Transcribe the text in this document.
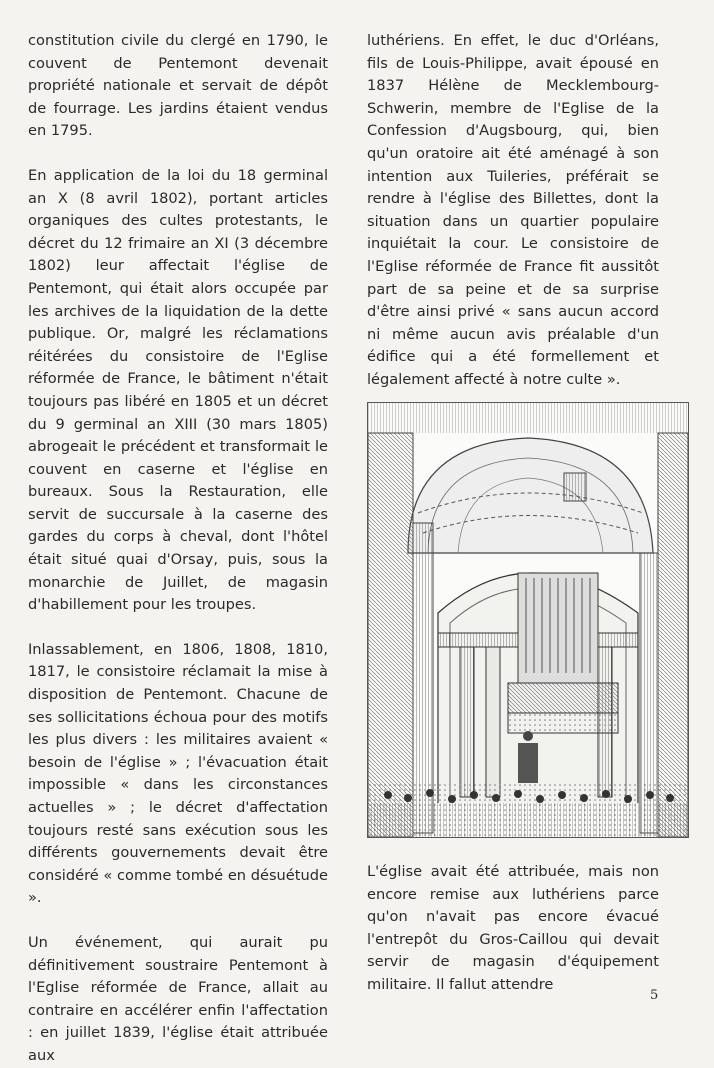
constitution civile du clergé en 1790, le couvent de Pentemont devenait propriété nationale et servait de dépôt de fourrage. Les jardins étaient vendus en 1795.

En application de la loi du 18 germinal an X (8 avril 1802), portant articles organiques des cultes protestants, le décret du 12 frimaire an XI (3 décembre 1802) leur affectait l'église de Pentemont, qui était alors occupée par les archives de la liquidation de la dette publique. Or, malgré les réclamations réitérées du consistoire de l'Eglise réformée de France, le bâtiment n'était toujours pas libéré en 1805 et un décret du 9 germinal an XIII (30 mars 1805) abrogeait le précédent et transformait le couvent en caserne et l'église en bureaux. Sous la Restauration, elle servit de succursale à la caserne des gardes du corps à cheval, dont l'hôtel était situé quai d'Orsay, puis, sous la monarchie de Juillet, de magasin d'habillement pour les troupes.

Inlassablement, en 1806, 1808, 1810, 1817, le consistoire réclamait la mise à disposition de Pentemont. Chacune de ses sollicitations échoua pour des motifs les plus divers : les militaires avaient « besoin de l'église » ; l'évacuation était impossible « dans les circonstances actuelles » ; le décret d'affectation toujours resté sans exécution sous les différents gouvernements devait être considéré « comme tombé en désuétude ».

Un événement, qui aurait pu définitivement soustraire Pentemont à l'Eglise réformée de France, allait au contraire en accélérer enfin l'affectation : en juillet 1839, l'église était attribuée aux

luthériens. En effet, le duc d'Orléans, fils de Louis-Philippe, avait épousé en 1837 Hélène de Mecklembourg-Schwerin, membre de l'Eglise de la Confession d'Augsbourg, qui, bien qu'un oratoire ait été aménagé à son intention aux Tuileries, préférait se rendre à l'église des Billettes, dont la situation dans un quartier populaire inquiétait la cour. Le consistoire de l'Eglise réformée de France fit aussitôt part de sa peine et de sa surprise d'être ainsi privé « sans aucun accord ni même aucun avis préalable d'un édifice qui a été formellement et légalement affecté à notre culte ».

L'église avait été attribuée, mais non encore remise aux luthériens parce qu'on n'avait pas encore évacué l'entrepôt du Gros-Caillou qui devait servir de magasin d'équipement militaire. Il fallut attendre

5
